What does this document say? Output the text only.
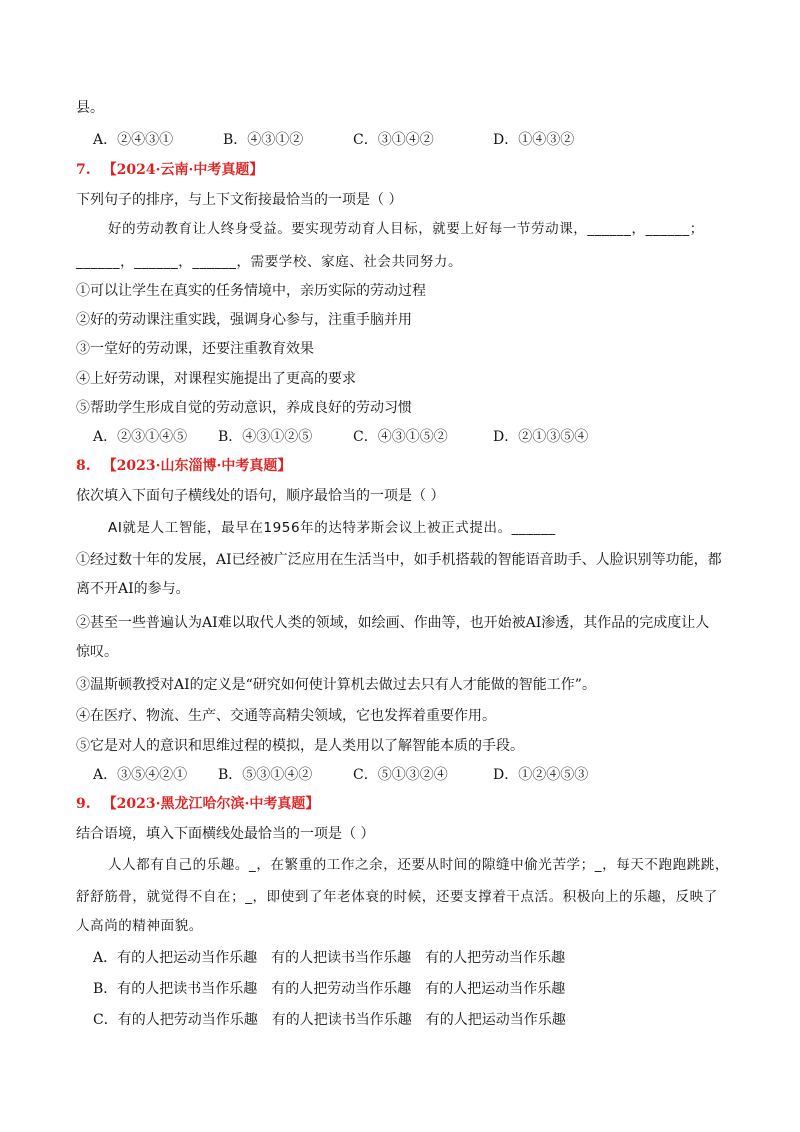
县。
A．②④③①	B．④③①②	C．③①④②	D．①④③②
7. 【2024·云南·中考真题】
下列句子的排序，与上下文衔接最恰当的一项是（ ）
好的劳动教育让人终身受益。要实现劳动育人目标，就要上好每一节劳动课，______，______；
______，______，______，需要学校、家庭、社会共同努力。
①可以让学生在真实的任务情境中，亲历实际的劳动过程
②好的劳动课注重实践，强调身心参与，注重手脑并用
③一堂好的劳动课，还要注重教育效果
④上好劳动课，对课程实施提出了更高的要求
⑤帮助学生形成自觉的劳动意识，养成良好的劳动习惯
A．②③①④⑤ B．④③①②⑤	C．④③①⑤②	D．②①③⑤④
8. 【2023·山东淄博·中考真题】
依次填入下面句子横线处的语句，顺序最恰当的一项是（ ）
AI就是人工智能，最早在1956年的达特茅斯会议上被正式提出。______
①经过数十年的发展，AI已经被广泛应用在生活当中，如手机搭载的智能语音助手、人脸识别等功能，都
离不开AI的参与。
②甚至一些普遍认为AI难以取代人类的领域，如绘画、作曲等，也开始被AI渗透，其作品的完成度让人
惊叹。
③温斯顿教授对AI的定义是“研究如何使计算机去做过去只有人才能做的智能工作”。
④在医疗、物流、生产、交通等高精尖领域，它也发挥着重要作用。
⑤它是对人的意识和思维过程的模拟，是人类用以了解智能本质的手段。
A．③⑤④②① B．⑤③①④②	C．⑤①③②④	D．①②④⑤③
9. 【2023·黑龙江哈尔滨·中考真题】
结合语境，填入下面横线处最恰当的一项是（ ）
人人都有自己的乐趣。_，在繁重的工作之余，还要从时间的隙缝中偷光苦学；_，每天不跑跑跳跳，
舒舒筋骨，就觉得不自在；_，即使到了年老体衰的时候，还要支撑着干点活。积极向上的乐趣，反映了
人高尚的精神面貌。
A．有的人把运动当作乐趣 有的人把读书当作乐趣 有的人把劳动当作乐趣
B．有的人把读书当作乐趣 有的人把劳动当作乐趣 有的人把运动当作乐趣
C．有的人把劳动当作乐趣 有的人把读书当作乐趣 有的人把运动当作乐趣
